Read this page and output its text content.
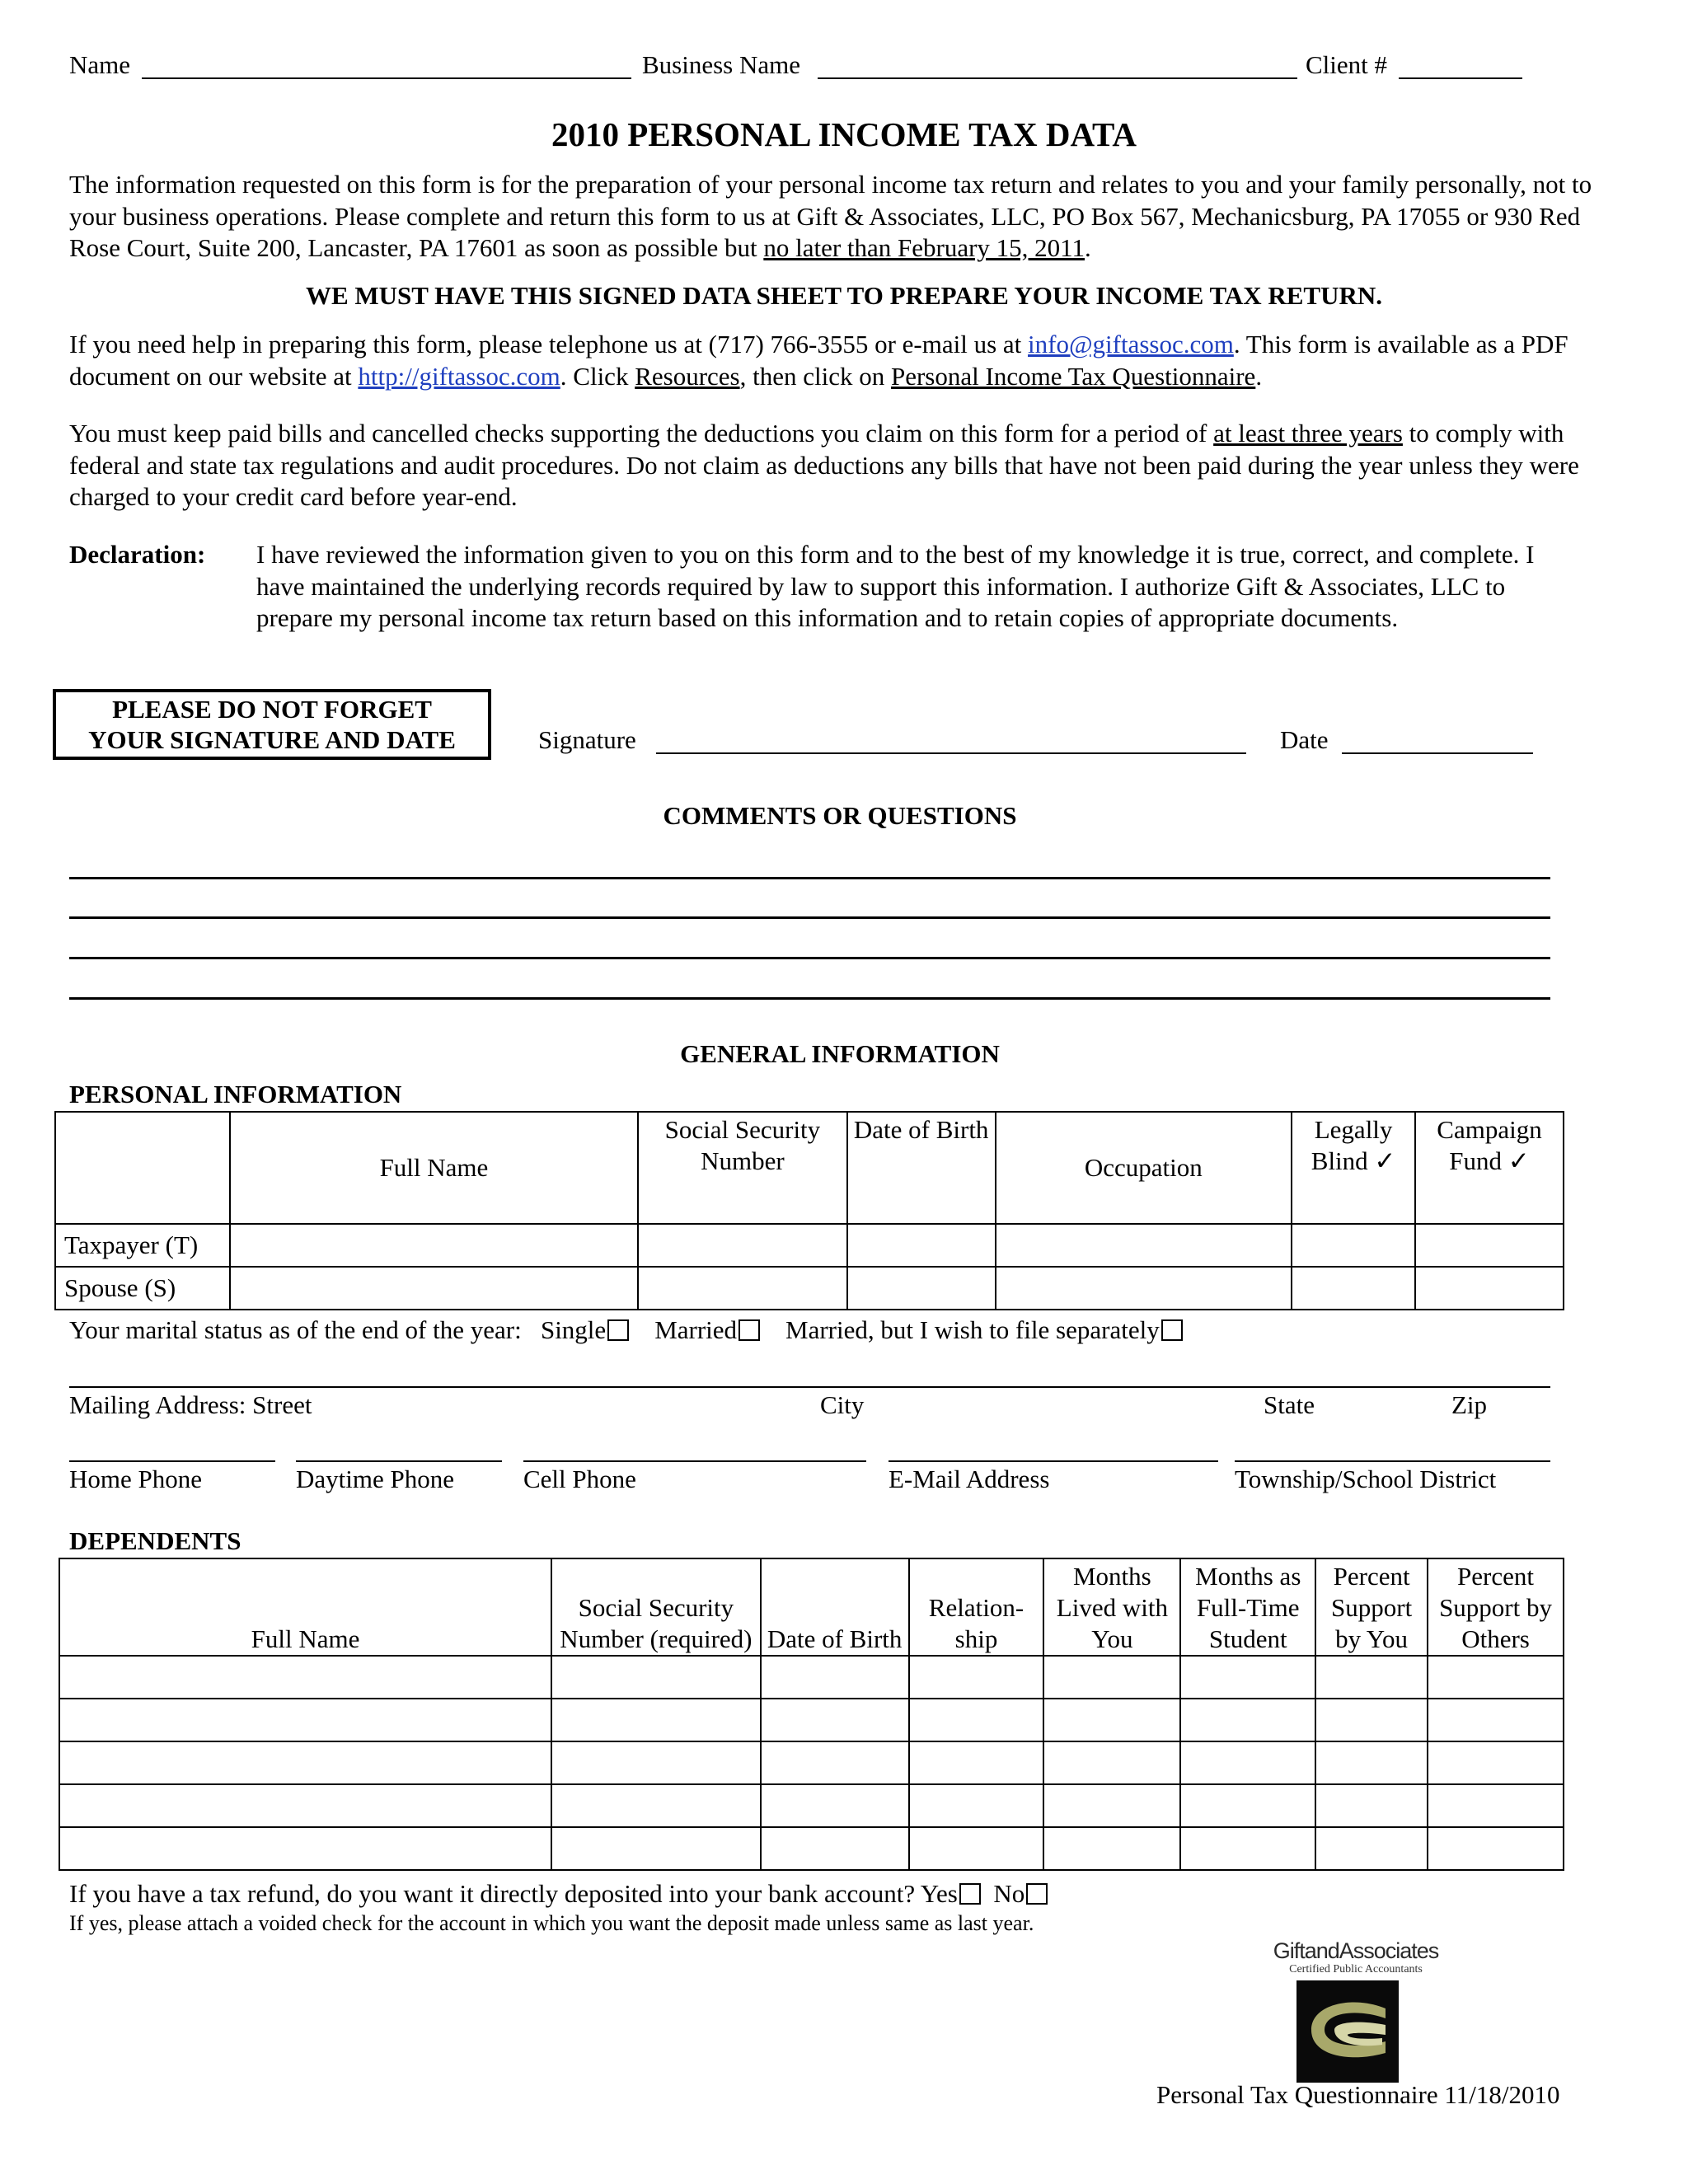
Name	Business Name	Client #
2010 PERSONAL INCOME TAX DATA
The information requested on this form is for the preparation of your personal income tax return and relates to you and your family personally, not to your business operations. Please complete and return this form to us at Gift & Associates, LLC, PO Box 567, Mechanicsburg, PA 17055 or 930 Red Rose Court, Suite 200, Lancaster, PA 17601 as soon as possible but no later than February 15, 2011.
WE MUST HAVE THIS SIGNED DATA SHEET TO PREPARE YOUR INCOME TAX RETURN.
If you need help in preparing this form, please telephone us at (717) 766-3555 or e-mail us at info@giftassoc.com. This form is available as a PDF document on our website at http://giftassoc.com. Click Resources, then click on Personal Income Tax Questionnaire.
You must keep paid bills and cancelled checks supporting the deductions you claim on this form for a period of at least three years to comply with federal and state tax regulations and audit procedures. Do not claim as deductions any bills that have not been paid during the year unless they were charged to your credit card before year-end.
Declaration: I have reviewed the information given to you on this form and to the best of my knowledge it is true, correct, and complete. I have maintained the underlying records required by law to support this information. I authorize Gift & Associates, LLC to prepare my personal income tax return based on this information and to retain copies of appropriate documents.
PLEASE DO NOT FORGET
YOUR SIGNATURE AND DATE	Signature	Date
COMMENTS OR QUESTIONS
GENERAL INFORMATION
PERSONAL INFORMATION
	Full Name	Social Security Number	Date of Birth	Occupation	Legally Blind ✓	Campaign Fund ✓
Taxpayer (T)						
Spouse (S)						
Your marital status as of the end of the year: Single Married Married, but I wish to file separately
Mailing Address: Street	City	State	Zip
Home Phone	Daytime Phone	Cell Phone	E-Mail Address	Township/School District
DEPENDENTS
Full Name	Social Security Number (required)	Date of Birth	Relation-ship	Months Lived with You	Months as Full-Time Student	Percent Support by You	Percent Support by Others

If you have a tax refund, do you want it directly deposited into your bank account? Yes No
If yes, please attach a voided check for the account in which you want the deposit made unless same as last year.
GiftandAssociates
Certified Public Accountants
Personal Tax Questionnaire 11/18/2010
